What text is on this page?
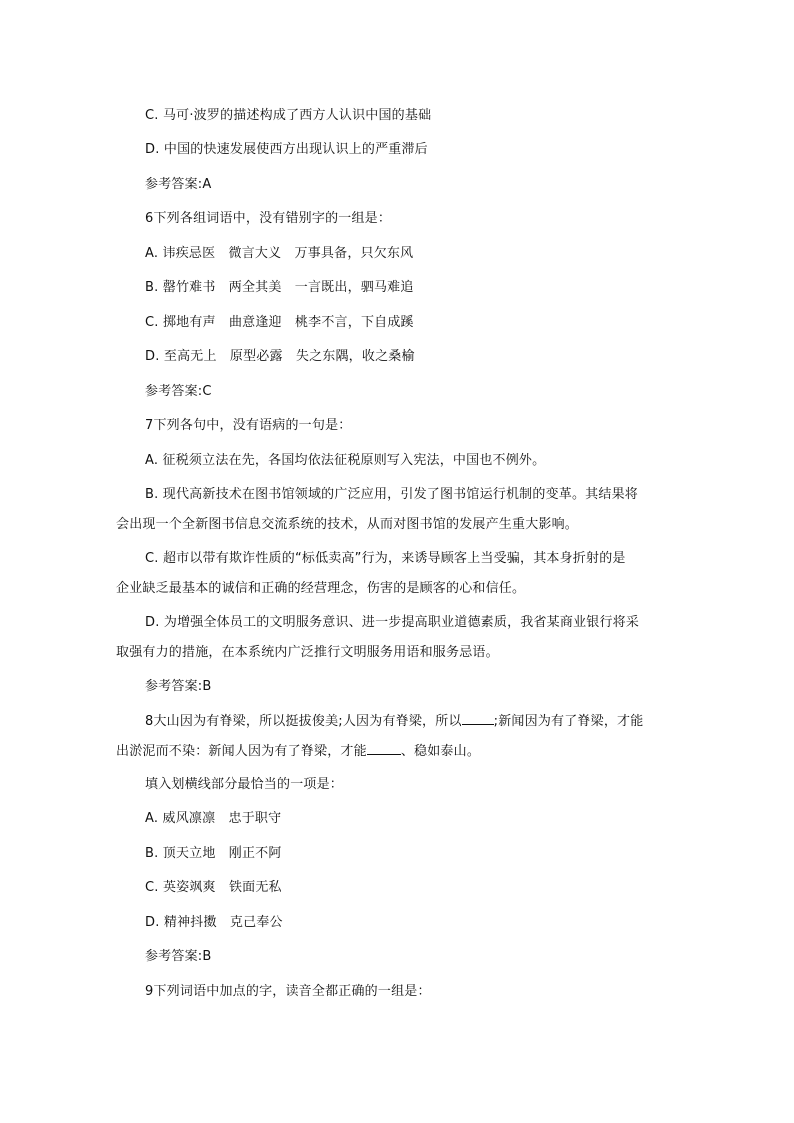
C. 马可·波罗的描述构成了西方人认识中国的基础
D. 中国的快速发展使西方出现认识上的严重滞后
参考答案:A
6下列各组词语中，没有错别字的一组是：
A. 讳疾忌医　微言大义　万事具备，只欠东风
B. 罄竹难书　两全其美　一言既出，驷马难追
C. 掷地有声　曲意逢迎　桃李不言，下自成蹊
D. 至高无上　原型必露　失之东隅，收之桑榆
参考答案:C
7下列各句中，没有语病的一句是：
A. 征税须立法在先，各国均依法征税原则写入宪法，中国也不例外。
B. 现代高新技术在图书馆领域的广泛应用，引发了图书馆运行机制的变革。其结果将
会出现一个全新图书信息交流系统的技术，从而对图书馆的发展产生重大影响。
C. 超市以带有欺诈性质的“标低卖高”行为，来诱导顾客上当受骗，其本身折射的是
企业缺乏最基本的诚信和正确的经营理念，伤害的是顾客的心和信任。
D. 为增强全体员工的文明服务意识、进一步提高职业道德素质，我省某商业银行将采
取强有力的措施，在本系统内广泛推行文明服务用语和服务忌语。
参考答案:B
8大山因为有脊梁，所以挺拔俊美;人因为有脊梁，所以 ;新闻因为有了脊梁，才能
出淤泥而不染：新闻人因为有了脊梁，才能	、稳如泰山。
填入划横线部分最恰当的一项是：
A. 威风凛凛　忠于职守
B. 顶天立地　刚正不阿
C. 英姿飒爽　铁面无私
D. 精神抖擞　克己奉公
参考答案:B
9下列词语中加点的字，读音全都正确的一组是：
